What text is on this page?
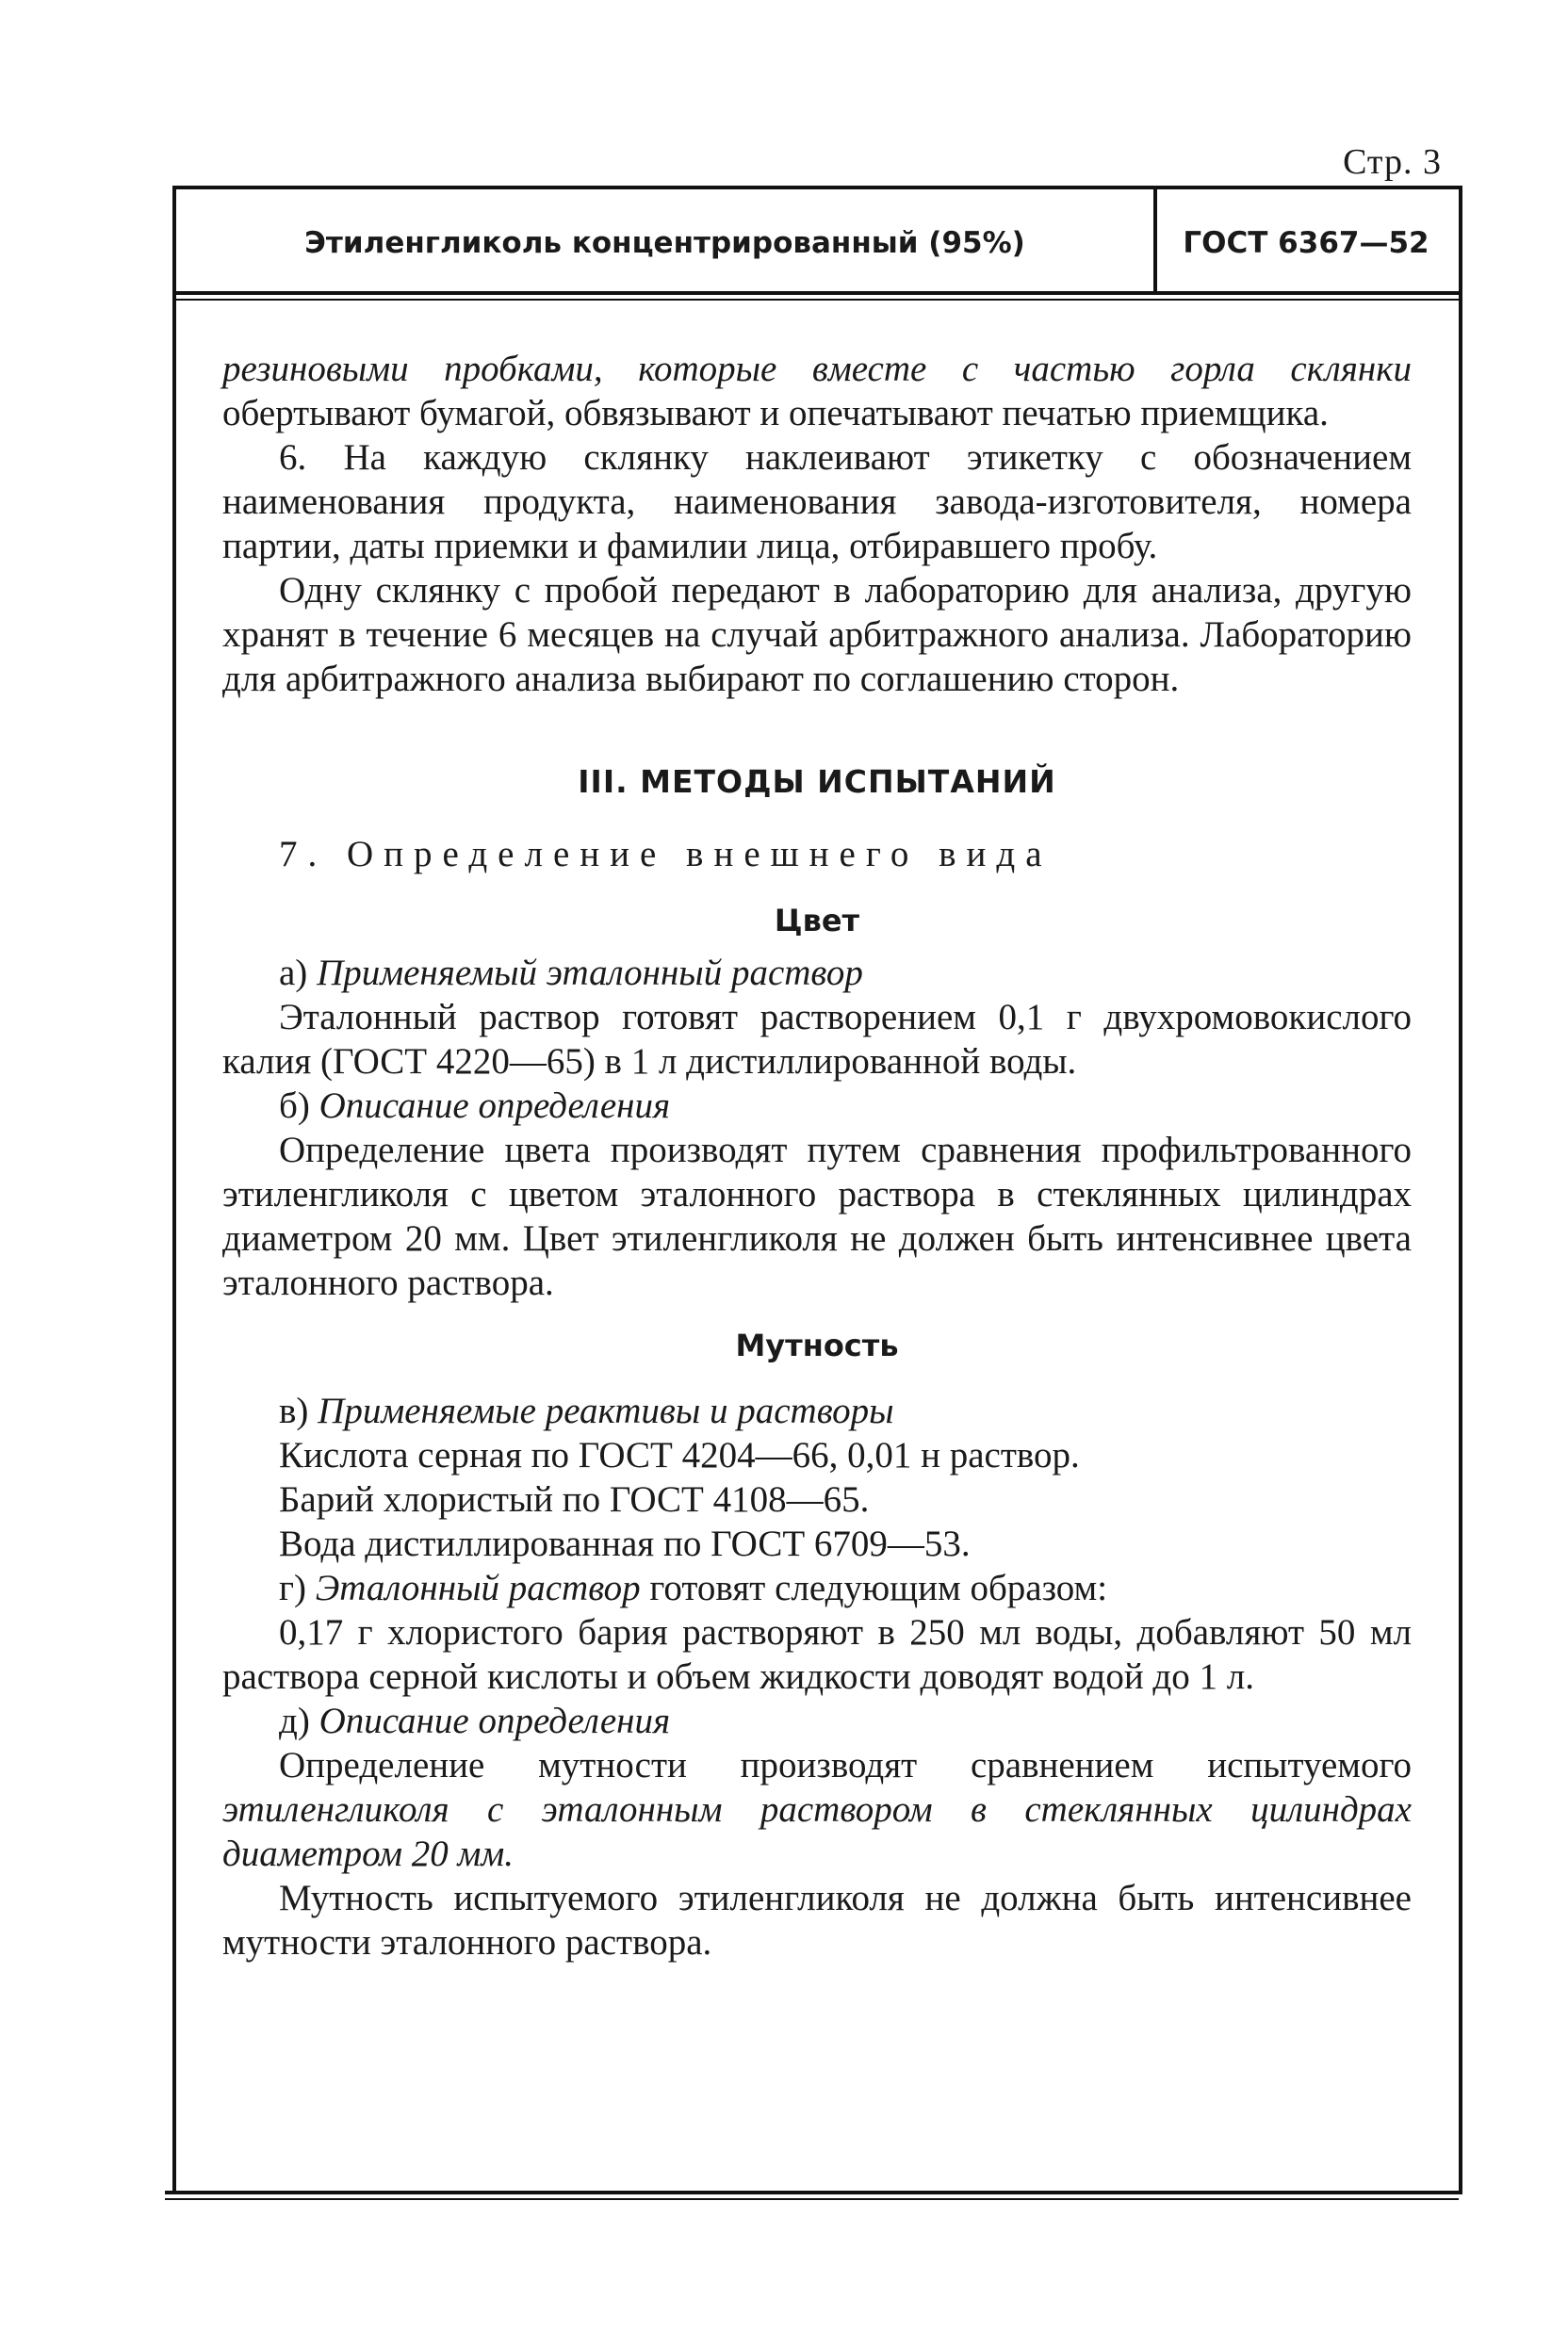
Стр. 3
Этиленгликоль концентрированный (95%)	ГОСТ 6367—52

резиновыми пробками, которые вместе с частью горла склянки обертывают бумагой, обвязывают и опечатывают печатью приемщика.

6. На каждую склянку наклеивают этикетку с обозначением наименования продукта, наименования завода-изготовителя, номера партии, даты приемки и фамилии лица, отбиравшего пробу.

Одну склянку с пробой передают в лабораторию для анализа, другую хранят в течение 6 месяцев на случай арбитражного анализа. Лабораторию для арбитражного анализа выбирают по соглашению сторон.

III. МЕТОДЫ ИСПЫТАНИЙ

7. Определение внешнего вида

Цвет

а) Применяемый эталонный раствор

Эталонный раствор готовят растворением 0,1 г двухромовокислого калия (ГОСТ 4220—65) в 1 л дистиллированной воды.

б) Описание определения

Определение цвета производят путем сравнения профильтрованного этиленгликоля с цветом эталонного раствора в стеклянных цилиндрах диаметром 20 мм. Цвет этиленгликоля не должен быть интенсивнее цвета эталонного раствора.

Мутность

в) Применяемые реактивы и растворы

Кислота серная по ГОСТ 4204—66, 0,01 н раствор.

Барий хлористый по ГОСТ 4108—65.

Вода дистиллированная по ГОСТ 6709—53.

г) Эталонный раствор готовят следующим образом:

0,17 г хлористого бария растворяют в 250 мл воды, добавляют 50 мл раствора серной кислоты и объем жидкости доводят водой до 1 л.

д) Описание определения

Определение мутности производят сравнением испытуемого этиленгликоля с эталонным раствором в стеклянных цилиндрах диаметром 20 мм.

Мутность испытуемого этиленгликоля не должна быть интенсивнее мутности эталонного раствора.
